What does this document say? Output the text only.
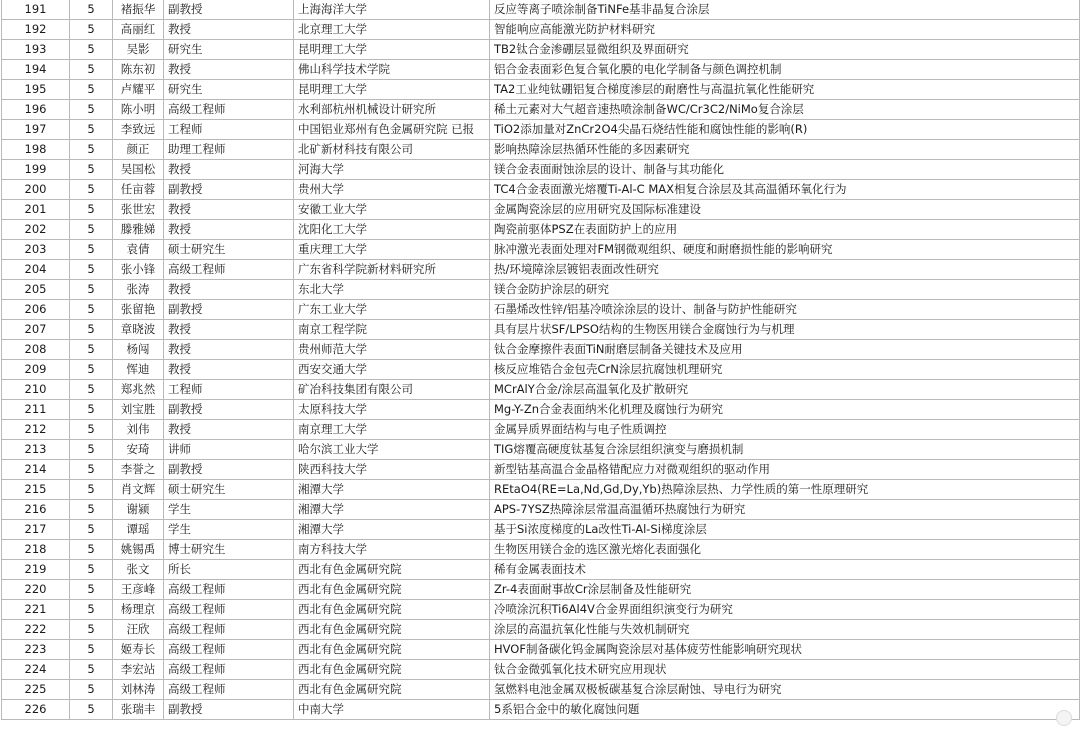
191	5	褚振华	副教授	上海海洋大学	反应等离子喷涂制备TiNFe基非晶复合涂层
192	5	高丽红	教授	北京理工大学	智能响应高能激光防护材料研究
193	5	吴影	研究生	昆明理工大学	TB2钛合金渗硼层显微组织及界面研究
194	5	陈东初	教授	佛山科学技术学院	铝合金表面彩色复合氧化膜的电化学制备与颜色调控机制
195	5	卢耀平	研究生	昆明理工大学	TA2工业纯钛硼铝复合梯度渗层的耐磨性与高温抗氧化性能研究
196	5	陈小明	高级工程师	水利部杭州机械设计研究所	稀土元素对大气超音速热喷涂制备WC/Cr3C2/NiMo复合涂层
197	5	李致远	工程师	中国铝业郑州有色金属研究院 已报	TiO2添加量对ZnCr2O4尖晶石烧结性能和腐蚀性能的影响(R)
198	5	颜正	助理工程师	北矿新材科技有限公司	影响热障涂层热循环性能的多因素研究
199	5	吴国松	教授	河海大学	镁合金表面耐蚀涂层的设计、制备与其功能化
200	5	任亩蓉	副教授	贵州大学	TC4合金表面激光熔覆Ti-Al-C MAX相复合涂层及其高温循环氧化行为
201	5	张世宏	教授	安徽工业大学	金属陶瓷涂层的应用研究及国际标准建设
202	5	滕雅娣	教授	沈阳化工大学	陶瓷前驱体PSZ在表面防护上的应用
203	5	袁倩	硕士研究生	重庆理工大学	脉冲激光表面处理对FM钢微观组织、硬度和耐磨损性能的影响研究
204	5	张小锋	高级工程师	广东省科学院新材料研究所	热/环境障涂层镀铝表面改性研究
205	5	张涛	教授	东北大学	镁合金防护涂层的研究
206	5	张留艳	副教授	广东工业大学	石墨烯改性锌/铝基冷喷涂涂层的设计、制备与防护性能研究
207	5	章晓波	教授	南京工程学院	具有层片状SF/LPSO结构的生物医用镁合金腐蚀行为与机理
208	5	杨闯	教授	贵州师范大学	钛合金摩擦件表面TiN耐磨层制备关键技术及应用
209	5	恽迪	教授	西安交通大学	核反应堆锆合金包壳CrN涂层抗腐蚀机理研究
210	5	郑兆然	工程师	矿冶科技集团有限公司	MCrAlY合金/涂层高温氧化及扩散研究
211	5	刘宝胜	副教授	太原科技大学	Mg-Y-Zn合金表面纳米化机理及腐蚀行为研究
212	5	刘伟	教授	南京理工大学	金属异质界面结构与电子性质调控
213	5	安琦	讲师	哈尔滨工业大学	TIG熔覆高硬度钛基复合涂层组织演变与磨损机制
214	5	李誉之	副教授	陕西科技大学	新型钴基高温合金晶格错配应力对微观组织的驱动作用
215	5	肖文辉	硕士研究生	湘潭大学	REtaO4(RE=La,Nd,Gd,Dy,Yb)热障涂层热、力学性质的第一性原理研究
216	5	谢颍	学生	湘潭大学	APS-7YSZ热障涂层常温高温循环热腐蚀行为研究
217	5	谭瑶	学生	湘潭大学	基于Si浓度梯度的La改性Ti-Al-Si梯度涂层
218	5	姚锡禹	博士研究生	南方科技大学	生物医用镁合金的选区激光熔化表面强化
219	5	张文	所长	西北有色金属研究院	稀有金属表面技术
220	5	王彦峰	高级工程师	西北有色金属研究院	Zr-4表面耐事故Cr涂层制备及性能研究
221	5	杨理京	高级工程师	西北有色金属研究院	冷喷涂沉积Ti6Al4V合金界面组织演变行为研究
222	5	汪欣	高级工程师	西北有色金属研究院	涂层的高温抗氧化性能与失效机制研究
223	5	姬寿长	高级工程师	西北有色金属研究院	HVOF制备碳化钨金属陶瓷涂层对基体疲劳性能影响研究现状
224	5	李宏站	高级工程师	西北有色金属研究院	钛合金微弧氧化技术研究应用现状
225	5	刘林涛	高级工程师	西北有色金属研究院	氢燃料电池金属双极板碳基复合涂层耐蚀、导电行为研究
226	5	张瑞丰	副教授	中南大学	5系铝合金中的敏化腐蚀问题
